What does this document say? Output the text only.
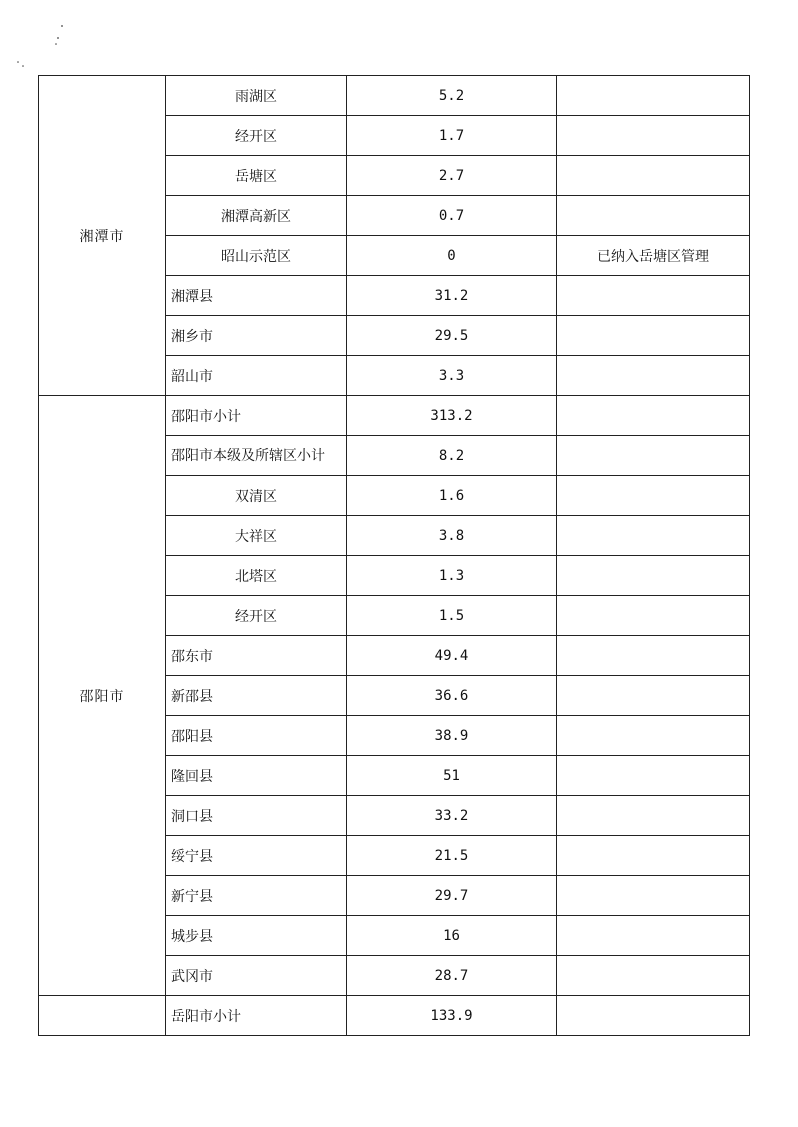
湘潭市	雨湖区	5.2	
	经开区	1.7	
	岳塘区	2.7	
	湘潭高新区	0.7	
	昭山示范区	0	已纳入岳塘区管理
	湘潭县	31.2	
	湘乡市	29.5	
	韶山市	3.3	
邵阳市	邵阳市小计	313.2	
	邵阳市本级及所辖区小计	8.2	
	双清区	1.6	
	大祥区	3.8	
	北塔区	1.3	
	经开区	1.5	
	邵东市	49.4	
	新邵县	36.6	
	邵阳县	38.9	
	隆回县	51	
	洞口县	33.2	
	绥宁县	21.5	
	新宁县	29.7	
	城步县	16	
	武冈市	28.7	
	岳阳市小计	133.9	
